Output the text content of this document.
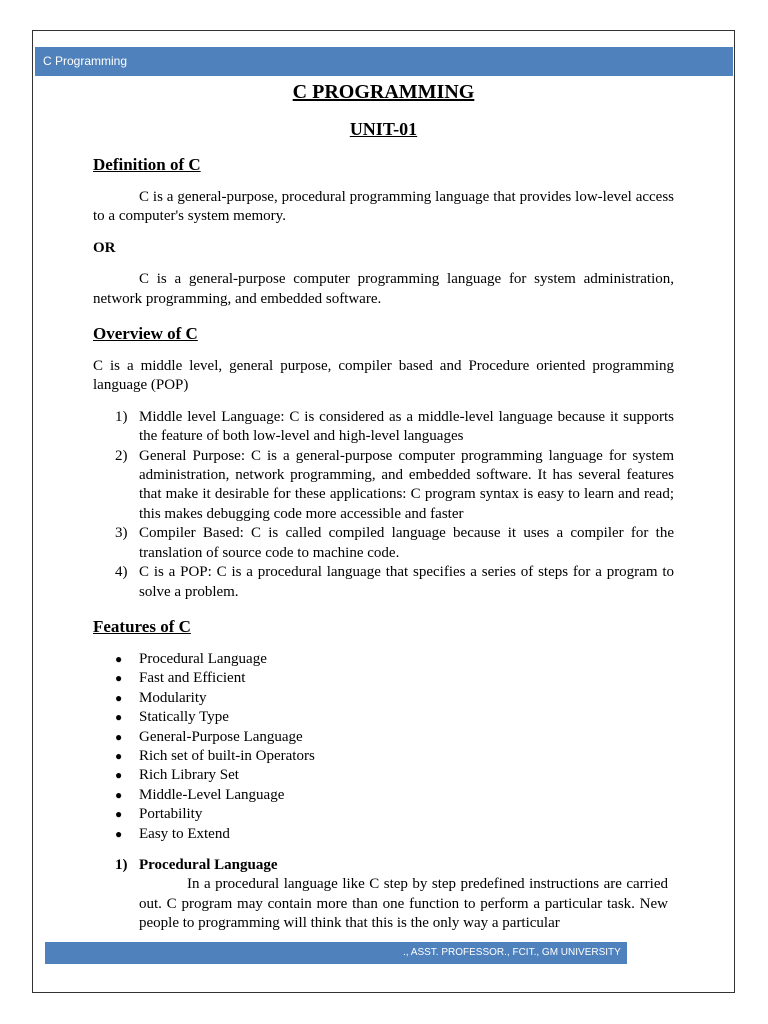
C Programming
C PROGRAMMING
UNIT-01
Definition of C

C is a general-purpose, procedural programming language that provides low-level access to a computer's system memory.

OR

C is a general-purpose computer programming language for system administration, network programming, and embedded software.

Overview of C

C is a middle level, general purpose, compiler based and Procedure oriented programming language (POP)

1) Middle level Language: C is considered as a middle-level language because it supports the feature of both low-level and high-level languages
2) General Purpose: C is a general-purpose computer programming language for system administration, network programming, and embedded software. It has several features that make it desirable for these applications: C program syntax is easy to learn and read; this makes debugging code more accessible and faster
3) Compiler Based: C is called compiled language because it uses a compiler for the translation of source code to machine code.
4) C is a POP: C is a procedural language that specifies a series of steps for a program to solve a problem.
Features of C
● Procedural Language
● Fast and Efficient
● Modularity
● Statically Type
● General-Purpose Language
● Rich set of built-in Operators
● Rich Library Set
● Middle-Level Language
● Portability
● Easy to Extend
1) Procedural Language

In a procedural language like C step by step predefined instructions are carried out. C program may contain more than one function to perform a particular task. New people to programming will think that this is the only way a particular

., ASST. PROFESSOR., FCIT., GM UNIVERSITY
